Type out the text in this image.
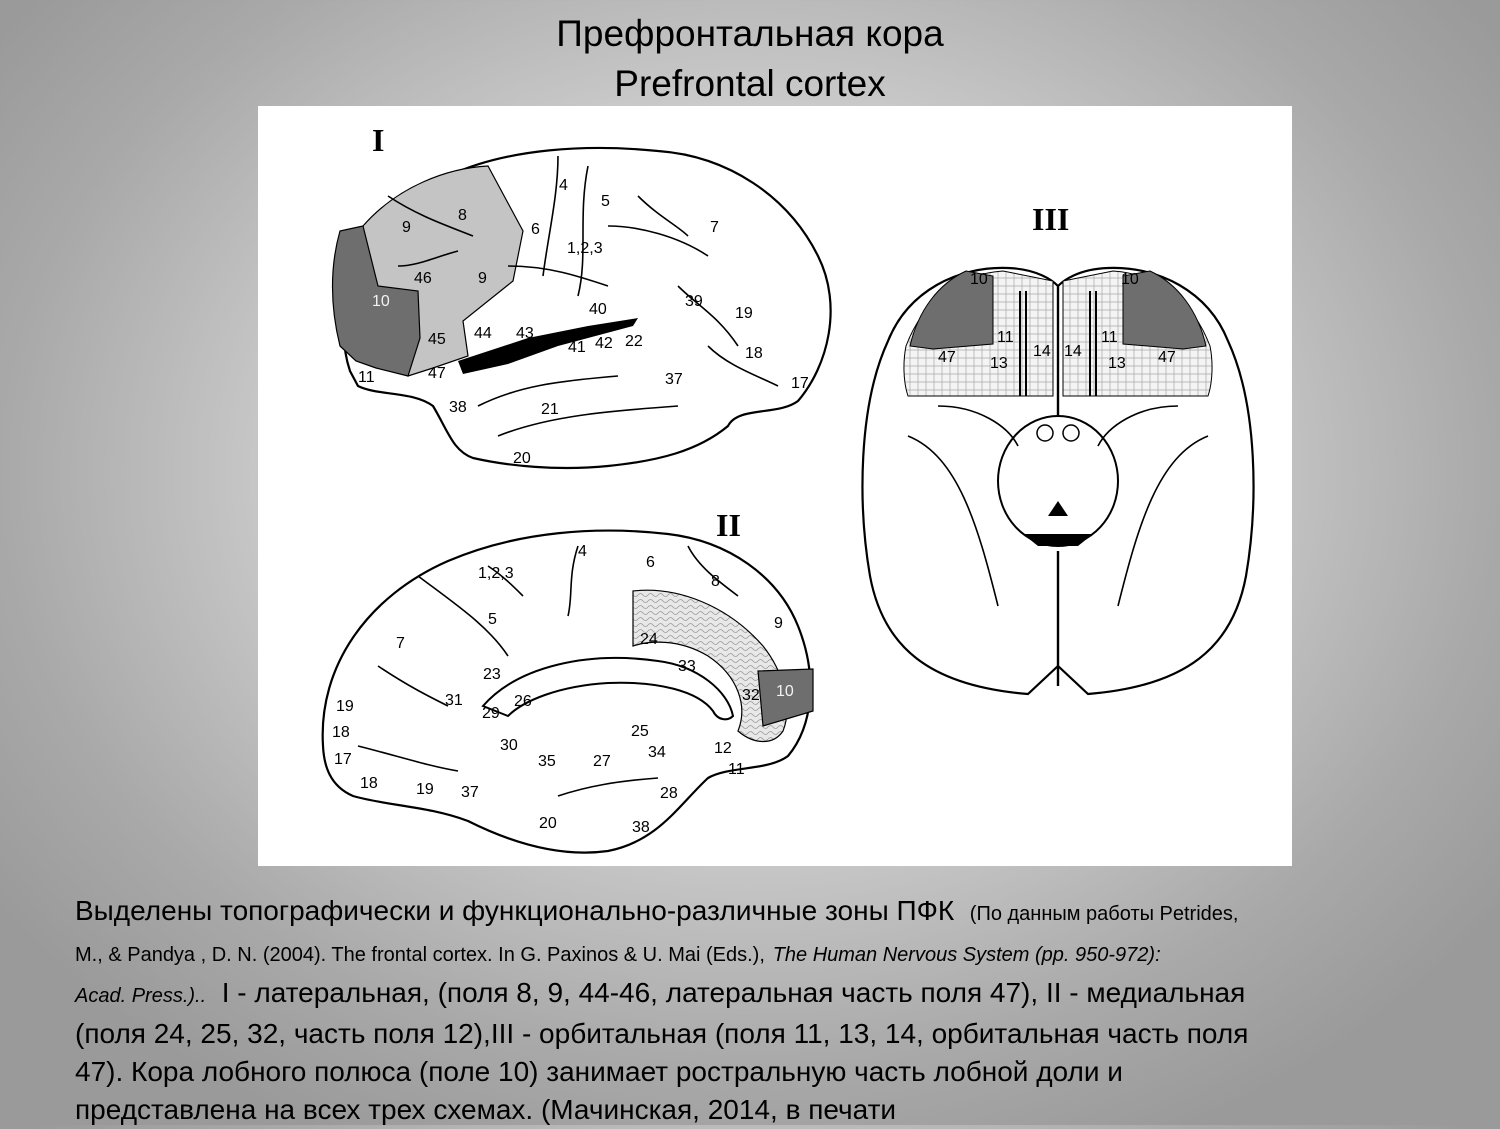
Префронтальная кора
Prefrontal cortex
I
9
8
4
5
6	7
1,2,3
46	9
10	40	39
19
45 44 43
41 42 22
18
11	47	37	17
38	21
20
II
4
6
8
1,2,3
9
5
24
7
23	33
10
32
31	26
29
25
19
18
30
35 27
34	12
17
11
18 19 37	28
20	38
III
10	10
11	11
14 14
47 13	13 47
Выделены топографически и функционально-различные зоны ПФК (По данным работы Petrides,
M., & Pandya , D. N. (2004). The frontal cortex. In G. Paxinos & U. Mai (Eds.), The Human Nervous System (pp. 950-972):
Acad. Press.).. I - латеральная, (поля 8, 9, 44-46, латеральная часть поля 47), II - медиальная
(поля 24, 25, 32, часть поля 12),III - орбитальная (поля 11, 13, 14, орбитальная часть поля
47). Кора лобного полюса (поле 10) занимает ростральную часть лобной доли и
представлена на всех трех схемах. (Мачинская, 2014, в печати
